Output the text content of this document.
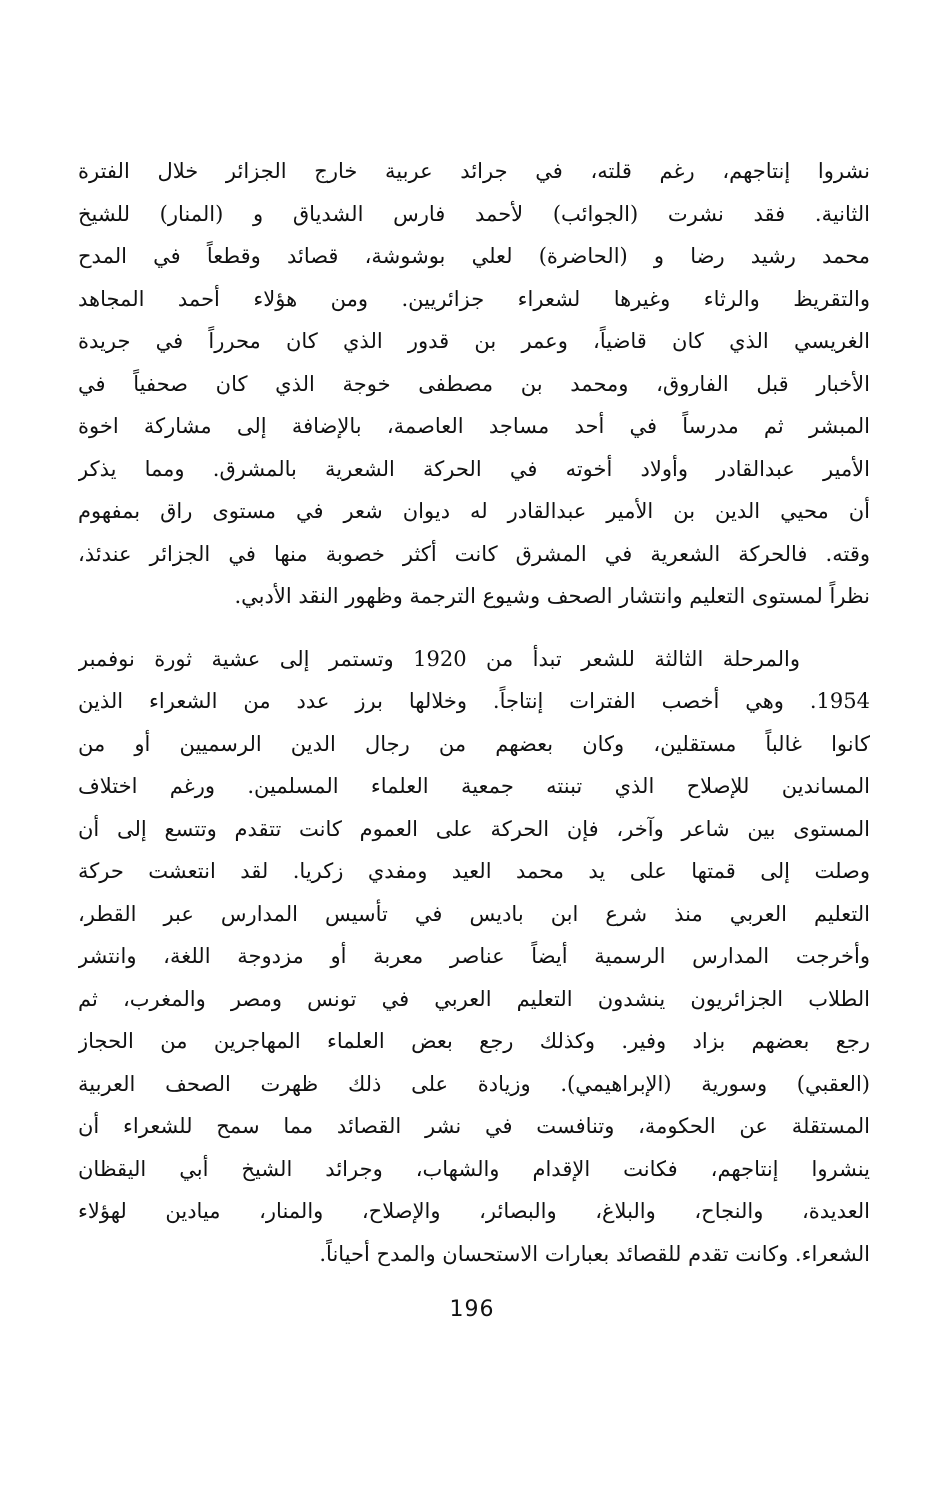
نشروا إنتاجهم، رغم قلته، في جرائد عربية خارج الجزائر خلال الفترة
الثانية. فقد نشرت (الجوائب) لأحمد فارس الشدياق و (المنار) للشيخ
محمد رشيد رضا و (الحاضرة) لعلي بوشوشة، قصائد وقطعاً في المدح
والتقريظ والرثاء وغيرها لشعراء جزائريين. ومن هؤلاء أحمد المجاهد
الغريسي الذي كان قاضياً، وعمر بن قدور الذي كان محرراً في جريدة
الأخبار قبل الفاروق، ومحمد بن مصطفى خوجة الذي كان صحفياً في
المبشر ثم مدرساً في أحد مساجد العاصمة، بالإضافة إلى مشاركة اخوة
الأمير عبدالقادر وأولاد أخوته في الحركة الشعرية بالمشرق. ومما يذكر
أن محيي الدين بن الأمير عبدالقادر له ديوان شعر في مستوى راق بمفهوم
وقته. فالحركة الشعرية في المشرق كانت أكثر خصوبة منها في الجزائر عندئذ،
نظراً لمستوى التعليم وانتشار الصحف وشيوع الترجمة وظهور النقد الأدبي.
والمرحلة الثالثة للشعر تبدأ من 1920 وتستمر إلى عشية ثورة نوفمبر
1954. وهي أخصب الفترات إنتاجاً. وخلالها برز عدد من الشعراء الذين
كانوا غالباً مستقلين، وكان بعضهم من رجال الدين الرسميين أو من
المساندين للإصلاح الذي تبنته جمعية العلماء المسلمين. ورغم اختلاف
المستوى بين شاعر وآخر، فإن الحركة على العموم كانت تتقدم وتتسع إلى أن
وصلت إلى قمتها على يد محمد العيد ومفدي زكريا. لقد انتعشت حركة
التعليم العربي منذ شرع ابن باديس في تأسيس المدارس عبر القطر،
وأخرجت المدارس الرسمية أيضاً عناصر معربة أو مزدوجة اللغة، وانتشر
الطلاب الجزائريون ينشدون التعليم العربي في تونس ومصر والمغرب، ثم
رجع بعضهم بزاد وفير. وكذلك رجع بعض العلماء المهاجرين من الحجاز
(العقبي) وسورية (الإبراهيمي). وزيادة على ذلك ظهرت الصحف العربية
المستقلة عن الحكومة، وتنافست في نشر القصائد مما سمح للشعراء أن
ينشروا إنتاجهم، فكانت الإقدام والشهاب، وجرائد الشيخ أبي اليقظان
العديدة، والنجاح، والبلاغ، والبصائر، والإصلاح، والمنار، ميادين لهؤلاء
الشعراء. وكانت تقدم للقصائد بعبارات الاستحسان والمدح أحياناً.
196
